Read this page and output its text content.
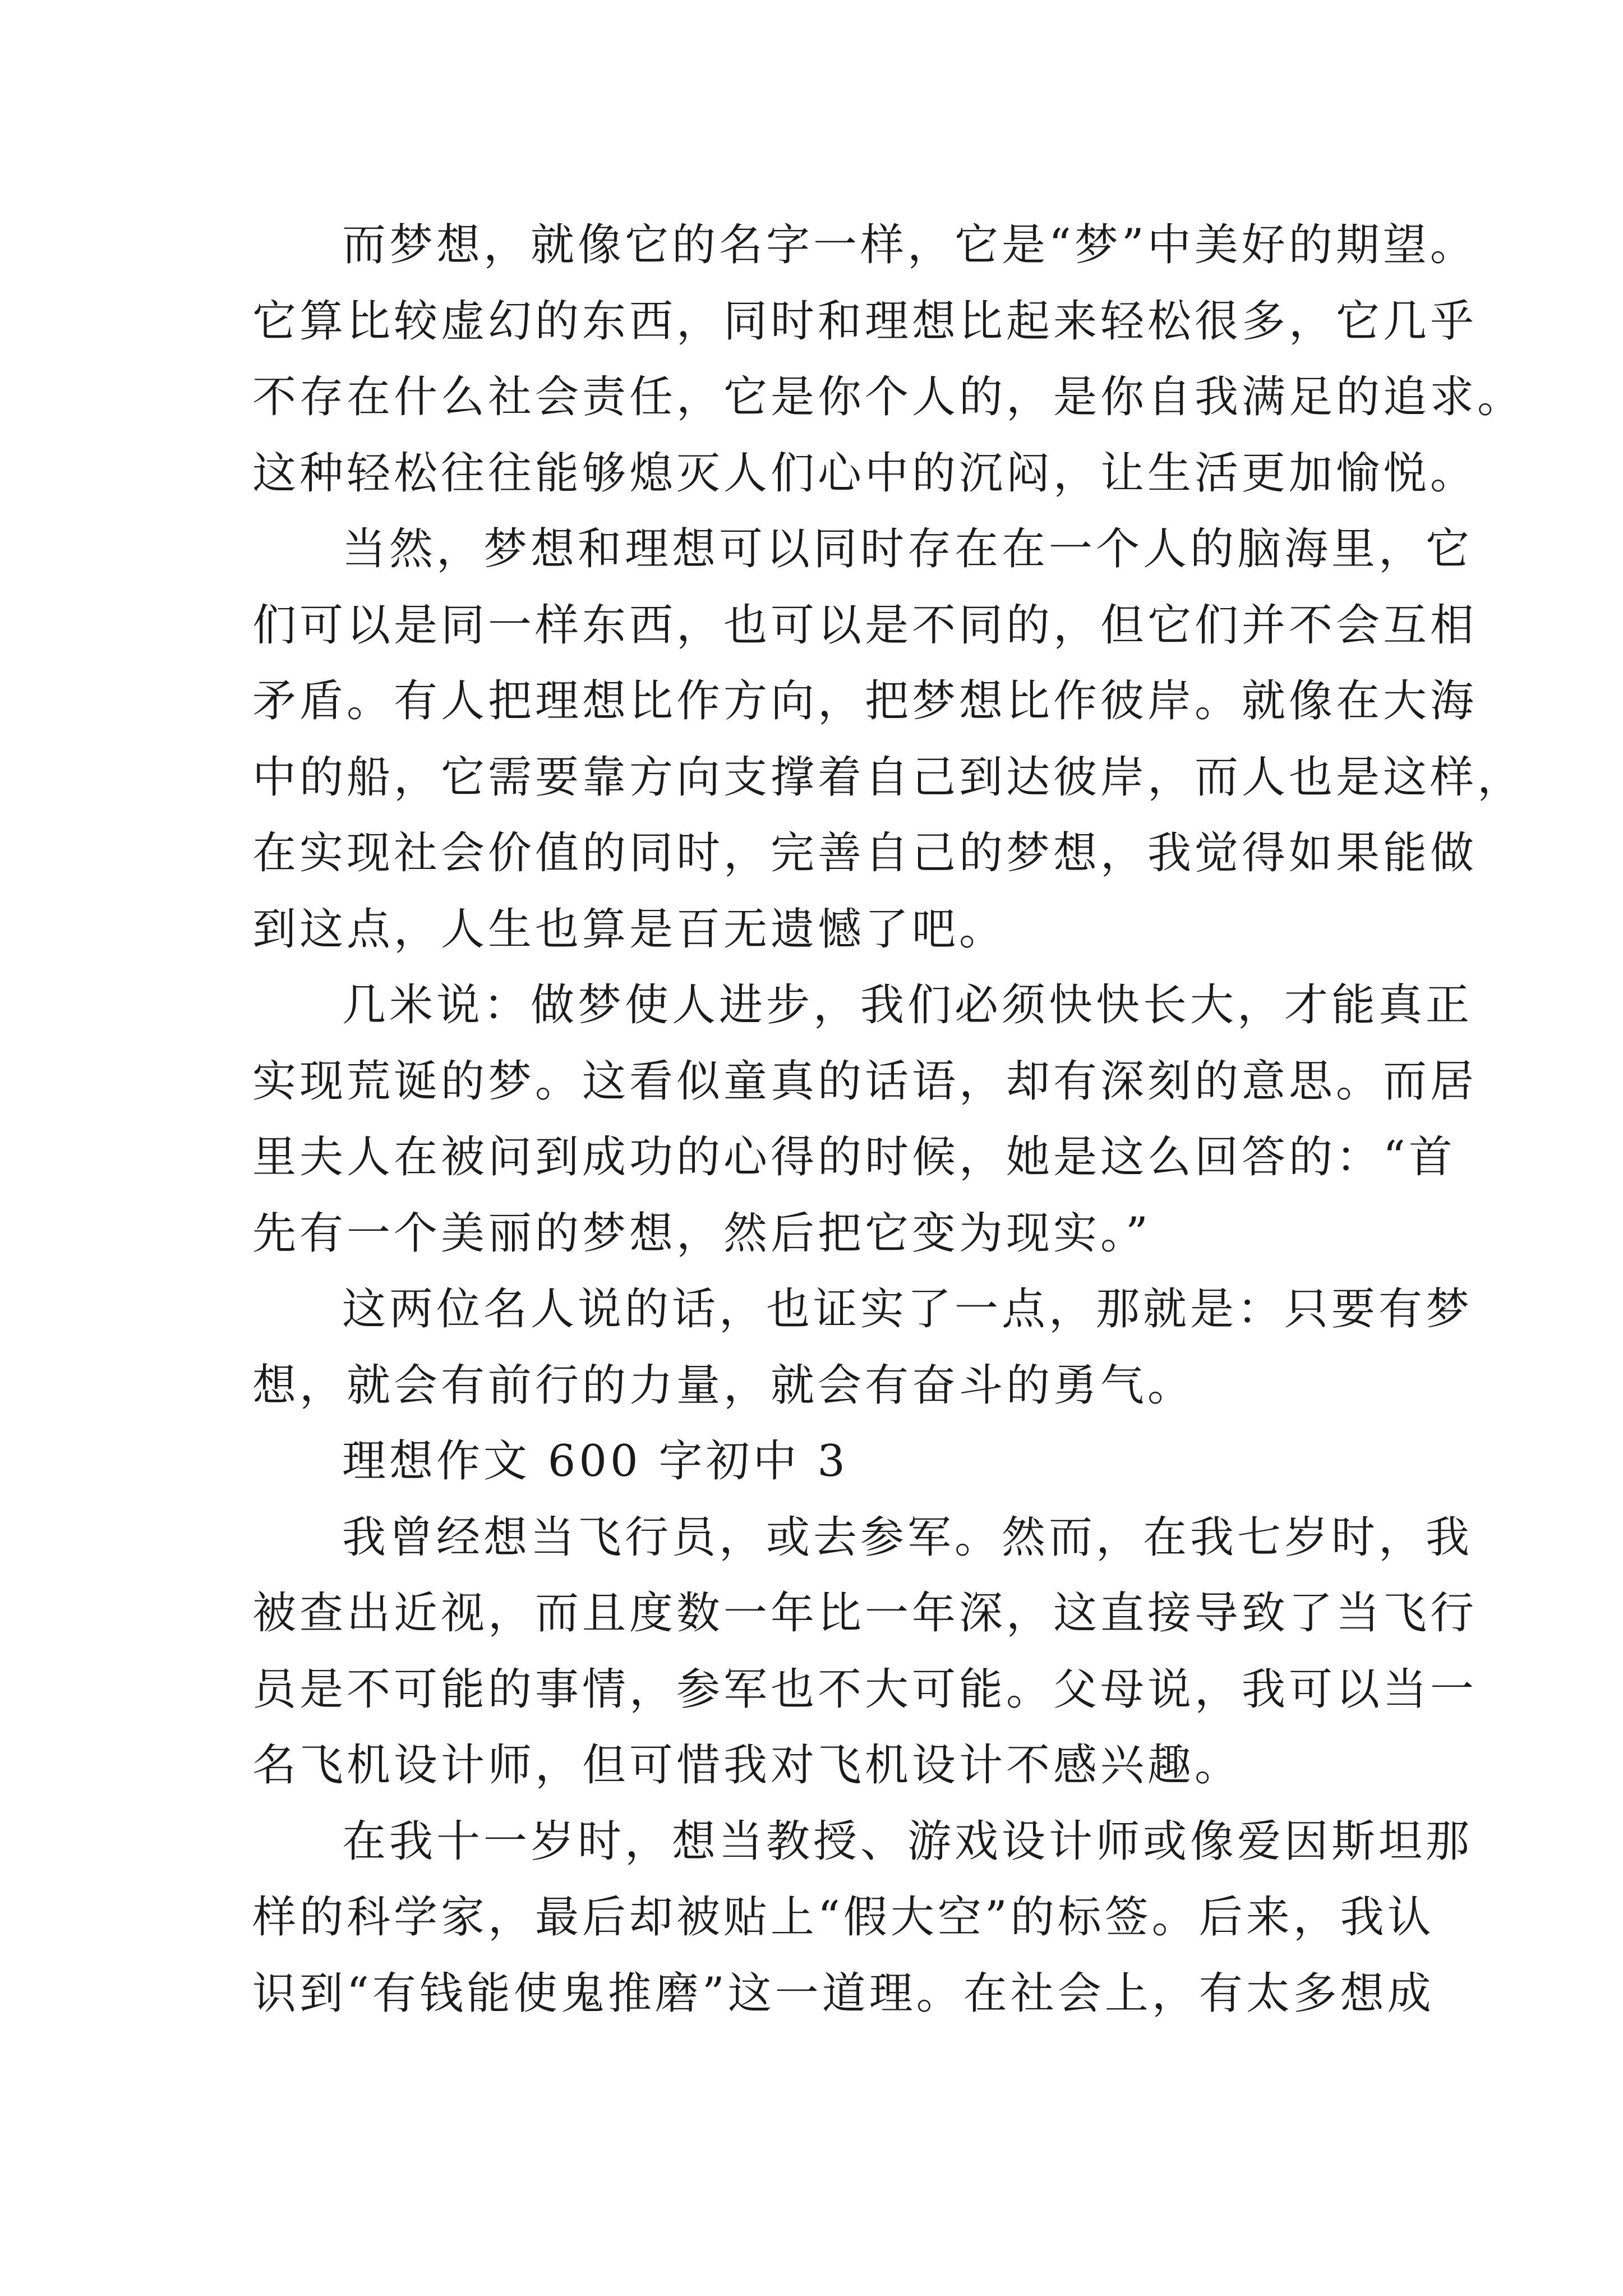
而梦想，就像它的名字一样，它是“梦”中美好的期望。
它算比较虚幻的东西，同时和理想比起来轻松很多，它几乎
不存在什么社会责任，它是你个人的，是你自我满足的追求。
这种轻松往往能够熄灭人们心中的沉闷，让生活更加愉悦。
当然，梦想和理想可以同时存在在一个人的脑海里，它
们可以是同一样东西，也可以是不同的，但它们并不会互相
矛盾。有人把理想比作方向，把梦想比作彼岸。就像在大海
中的船，它需要靠方向支撑着自己到达彼岸，而人也是这样，
在实现社会价值的同时，完善自己的梦想，我觉得如果能做
到这点，人生也算是百无遗憾了吧。
几米说：做梦使人进步，我们必须快快长大，才能真正
实现荒诞的梦。这看似童真的话语，却有深刻的意思。而居
里夫人在被问到成功的心得的时候，她是这么回答的：“首
先有一个美丽的梦想，然后把它变为现实。”
这两位名人说的话，也证实了一点，那就是：只要有梦
想，就会有前行的力量，就会有奋斗的勇气。
理想作文 600 字初中 3
我曾经想当飞行员，或去参军。然而，在我七岁时，我
被查出近视，而且度数一年比一年深，这直接导致了当飞行
员是不可能的事情，参军也不大可能。父母说，我可以当一
名飞机设计师，但可惜我对飞机设计不感兴趣。
在我十一岁时，想当教授、游戏设计师或像爱因斯坦那
样的科学家，最后却被贴上“假大空”的标签。后来，我认
识到“有钱能使鬼推磨”这一道理。在社会上，有太多想成
